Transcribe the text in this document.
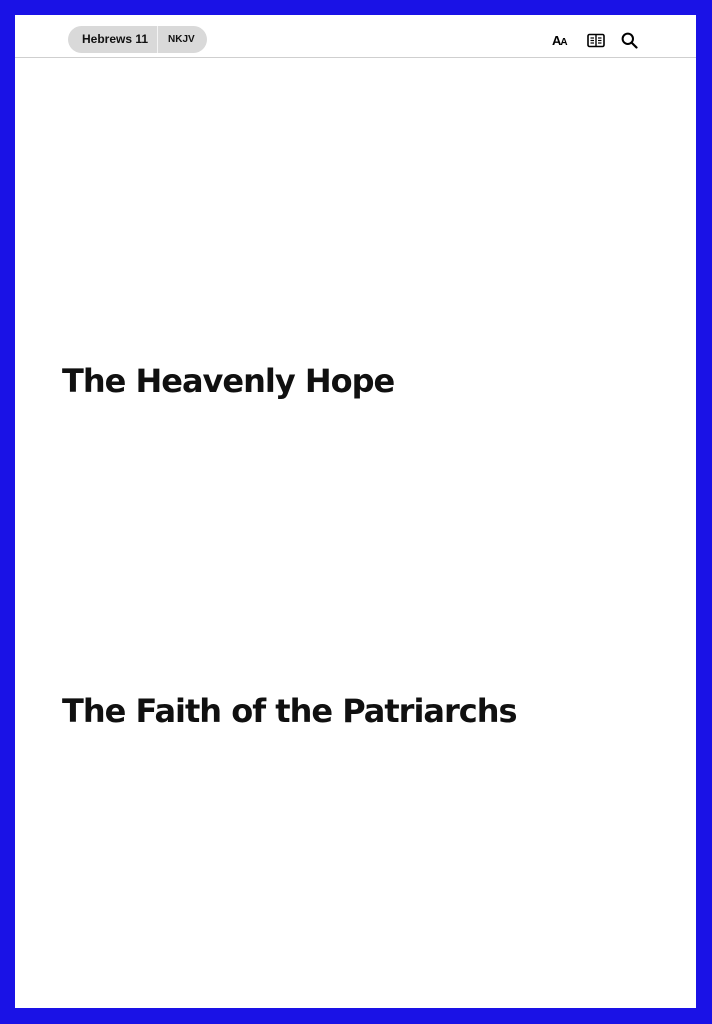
Hebrews 11	NKJV	AA
The Heavenly Hope
The Faith of the Patriarchs
